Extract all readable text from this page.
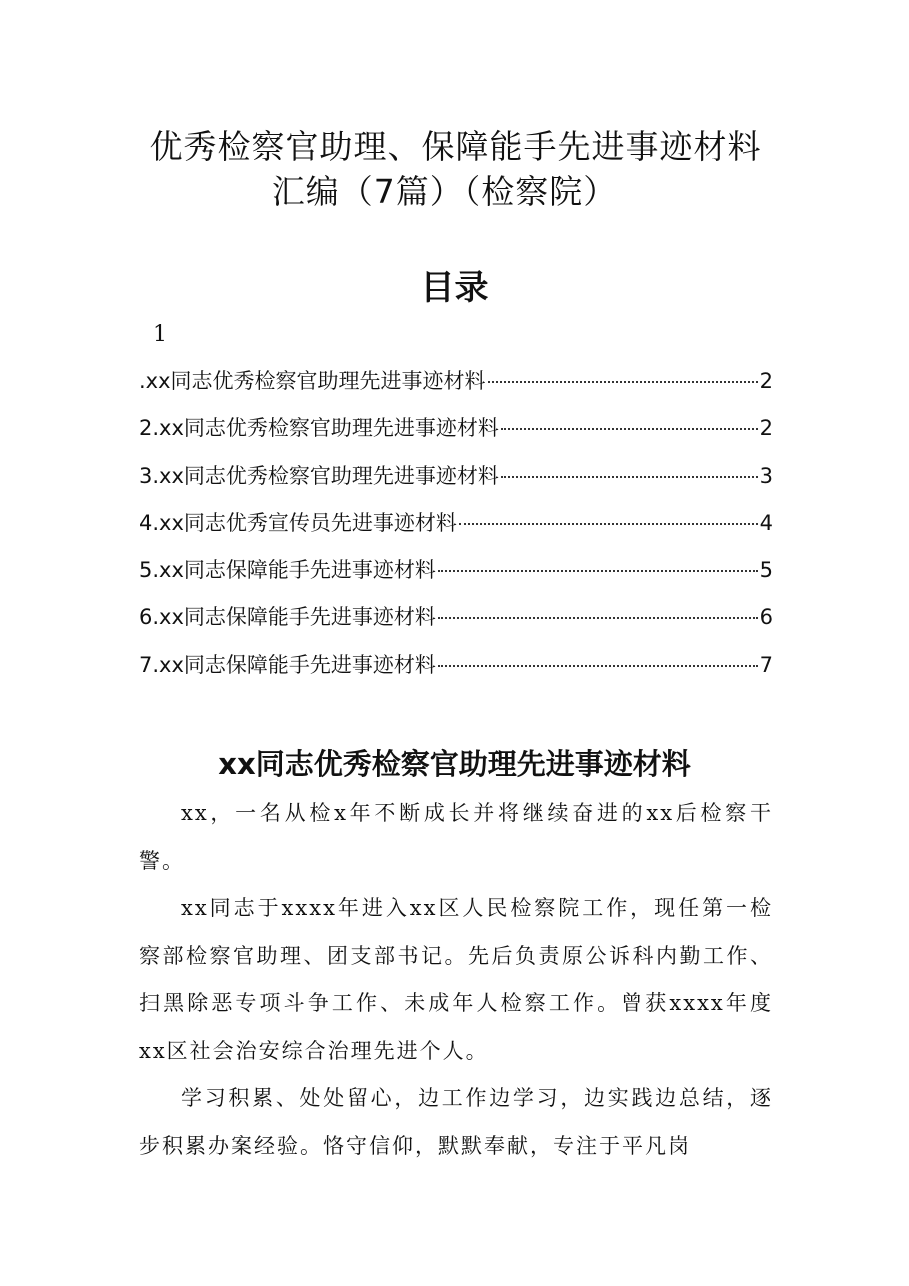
优秀检察官助理、保障能手先进事迹材料
汇编（7篇）（检察院）
目录
1
.xx同志优秀检察官助理先进事迹材料	2
2.xx同志优秀检察官助理先进事迹材料	2
3.xx同志优秀检察官助理先进事迹材料	3
4.xx同志优秀宣传员先进事迹材料	4
5.xx同志保障能手先进事迹材料	5
6.xx同志保障能手先进事迹材料	6
7.xx同志保障能手先进事迹材料	7
xx同志优秀检察官助理先进事迹材料

xx，一名从检x年不断成长并将继续奋进的xx后检察干警。

xx同志于xxxx年进入xx区人民检察院工作，现任第一检察部检察官助理、团支部书记。先后负责原公诉科内勤工作、扫黑除恶专项斗争工作、未成年人检察工作。曾获xxxx年度xx区社会治安综合治理先进个人。

学习积累、处处留心，边工作边学习，边实践边总结，逐步积累办案经验。恪守信仰，默默奉献，专注于平凡岗
